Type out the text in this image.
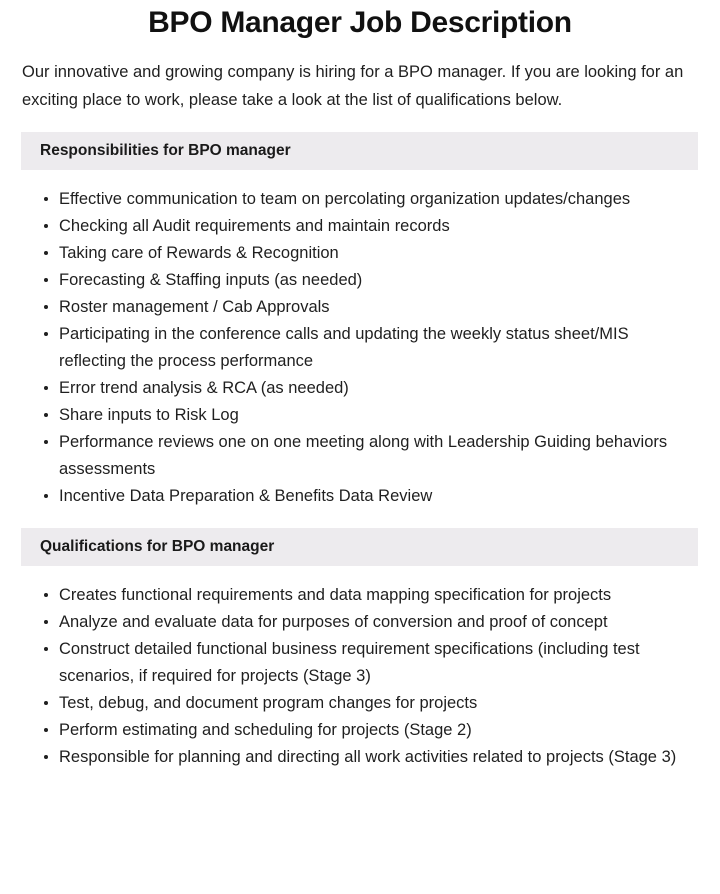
BPO Manager Job Description

Our innovative and growing company is hiring for a BPO manager. If you are looking for an exciting place to work, please take a look at the list of qualifications below.

Responsibilities for BPO manager
Effective communication to team on percolating organization updates/changes
Checking all Audit requirements and maintain records
Taking care of Rewards & Recognition
Forecasting & Staffing inputs (as needed)
Roster management / Cab Approvals
Participating in the conference calls and updating the weekly status sheet/MIS reflecting the process performance
Error trend analysis & RCA (as needed)
Share inputs to Risk Log
Performance reviews one on one meeting along with Leadership Guiding behaviors assessments
Incentive Data Preparation & Benefits Data Review
Qualifications for BPO manager
Creates functional requirements and data mapping specification for projects
Analyze and evaluate data for purposes of conversion and proof of concept
Construct detailed functional business requirement specifications (including test scenarios, if required for projects (Stage 3)
Test, debug, and document program changes for projects
Perform estimating and scheduling for projects (Stage 2)
Responsible for planning and directing all work activities related to projects (Stage 3)
